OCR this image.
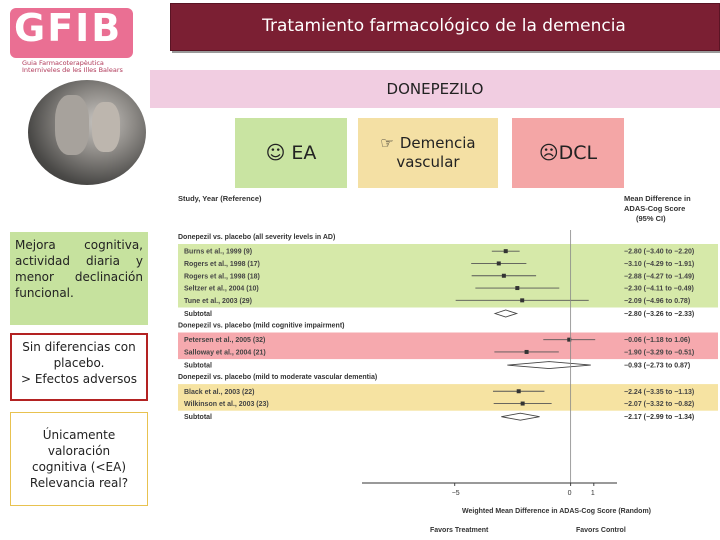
Tratamiento farmacológico de la demencia
GFIB
Guia Farmacoterapèutica
Interniveles de les Illes Balears
DONEPEZILO
☺ EA	☞ Demencia
vascular	☹ DCL
Mejora cognitiva, actividad diaria y menor declinación funcional.
Sin diferencias con
placebo.
> Efectos adversos
Únicamente
valoración
cognitiva (<EA)
Relevancia real?
Study, Year (Reference)	Mean Difference in
ADAS-Cog Score
(95% CI)
Donepezil vs. placebo (all severity levels in AD)
Burns et al., 1999 (9)	−2.80 (−3.40 to −2.20)
Rogers et al., 1998 (17)	−3.10 (−4.29 to −1.91)
Rogers et al., 1998 (18)	−2.88 (−4.27 to −1.49)
Seltzer et al., 2004 (10)	−2.30 (−4.11 to −0.49)
Tune et al., 2003 (29)	−2.09 (−4.96 to 0.78)
Subtotal	−2.80 (−3.26 to −2.33)
Donepezil vs. placebo (mild cognitive impairment)
Petersen et al., 2005 (32)	−0.06 (−1.18 to 1.06)
Salloway et al., 2004 (21)	−1.90 (−3.29 to −0.51)
Subtotal	−0.93 (−2.73 to 0.87)
Donepezil vs. placebo (mild to moderate vascular dementia)
Black et al., 2003 (22)	−2.24 (−3.35 to −1.13)
Wilkinson et al., 2003 (23)	−2.07 (−3.32 to −0.82)
Subtotal	−2.17 (−2.99 to −1.34)
−5	0	1
Weighted Mean Difference in ADAS-Cog Score (Random)
Favors Treatment	Favors Control
